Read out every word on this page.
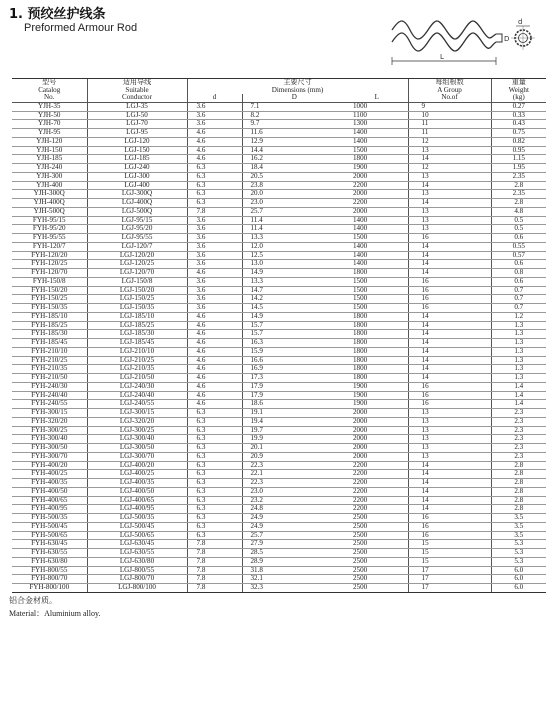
1. 预绞丝护线条
Preformed Armour Rod
D
L
d
型号	适用导线	主要尺寸			每组根数	重量
Catalog	Suitable	Dimensions (mm)			A Group	Weight
No.	Conductor	d	D	L	No.of	(kg)
YJH-35	LGJ-35	3.6	7.1	1000	9	0.27
YJH-50	LGJ-50	3.6	8.2	1100	10	0.33
YJH-70	LGJ-70	3.6	9.7	1300	11	0.43
YJH-95	LGJ-95	4.6	11.6	1400	11	0.75
YJH-120	LGJ-120	4.6	12.9	1400	12	0.82
YJH-150	LGJ-150	4.6	14.4	1500	13	0.95
YJH-185	LGJ-185	4.6	16.2	1800	14	1.15
YJH-240	LGJ-240	6.3	18.4	1900	12	1.95
YJH-300	LGJ-300	6.3	20.5	2000	13	2.35
YJH-400	LGJ-400	6.3	23.8	2200	14	2.8
YJH-300Q	LGJ-300Q	6.3	20.0	2000	13	2.35
YJH-400Q	LGJ-400Q	6.3	23.0	2200	14	2.8
YJH-500Q	LGJ-500Q	7.8	25.7	2000	13	4.8
FYH-95/15	LGJ-95/15	3.6	11.4	1400	13	0.5
FYH-95/20	LGJ-95/20	3.6	11.4	1400	13	0.5
FYH-95/55	LGJ-95/55	3.6	13.3	1500	16	0.6
FYH-120/7	LGJ-120/7	3.6	12.0	1400	14	0.55
FYH-120/20	LGJ-120/20	3.6	12.5	1400	14	0.57
FYH-120/25	LGJ-120/25	3.6	13.0	1400	14	0.6
FYH-120/70	LGJ-120/70	4.6	14.9	1800	14	0.8
FYH-150/8	LGJ-150/8	3.6	13.3	1500	16	0.6
FYH-150/20	LGJ-150/20	3.6	14.7	1500	16	0.7
FYH-150/25	LGJ-150/25	3.6	14.2	1500	16	0.7
FYH-150/35	LGJ-150/35	3.6	14.5	1500	16	0.7
FYH-185/10	LGJ-185/10	4.6	14.9	1800	14	1.2
FYH-185/25	LGJ-185/25	4.6	15.7	1800	14	1.3
FYH-185/30	LGJ-185/30	4.6	15.7	1800	14	1.3
FYH-185/45	LGJ-185/45	4.6	16.3	1800	14	1.3
FYH-210/10	LGJ-210/10	4.6	15.9	1800	14	1.3
FYH-210/25	LGJ-210/25	4.6	16.6	1800	14	1.3
FYH-210/35	LGJ-210/35	4.6	16.9	1800	14	1.3
FYH-210/50	LGJ-210/50	4.6	17.3	1800	14	1.3
FYH-240/30	LGJ-240/30	4.6	17.9	1900	16	1.4
FYH-240/40	LGJ-240/40	4.6	17.9	1900	16	1.4
FYH-240/55	LGJ-240/55	4.6	18.6	1900	16	1.4
FYH-300/15	LGJ-300/15	6.3	19.1	2000	13	2.3
FYH-320/20	LGJ-320/20	6.3	19.4	2000	13	2.3
FYH-300/25	LGJ-300/25	6.3	19.7	2000	13	2.3
FYH-300/40	LGJ-300/40	6.3	19.9	2000	13	2.3
FYH-300/50	LGJ-300/50	6.3	20.1	2000	13	2.3
FYH-300/70	LGJ-300/70	6.3	20.9	2000	13	2.3
FYH-400/20	LGJ-400/20	6.3	22.3	2200	14	2.8
FYH-400/25	LGJ-400/25	6.3	22.1	2200	14	2.8
FYH-400/35	LGJ-400/35	6.3	22.3	2200	14	2.8
FYH-400/50	LGJ-400/50	6.3	23.0	2200	14	2.8
FYH-400/65	LGJ-400/65	6.3	23.2	2200	14	2.8
FYH-400/95	LGJ-400/95	6.3	24.8	2200	14	2.8
FYH-500/35	LGJ-500/35	6.3	24.9	2500	16	3.5
FYH-500/45	LGJ-500/45	6.3	24.9	2500	16	3.5
FYH-500/65	LGJ-500/65	6.3	25.7	2500	16	3.5
FYH-630/45	LGJ-630/45	7.8	27.9	2500	15	5.3
FYH-630/55	LGJ-630/55	7.8	28.5	2500	15	5.3
FYH-630/80	LGJ-630/80	7.8	28.9	2500	15	5.3
FYH-800/55	LGJ-800/55	7.8	31.8	2500	17	6.0
FYH-800/70	LGJ-800/70	7.8	32.1	2500	17	6.0
FYH-800/100	LGJ-800/100	7.8	32.3	2500	17	6.0
铝合金材质。
Material：Aluminium alloy.
